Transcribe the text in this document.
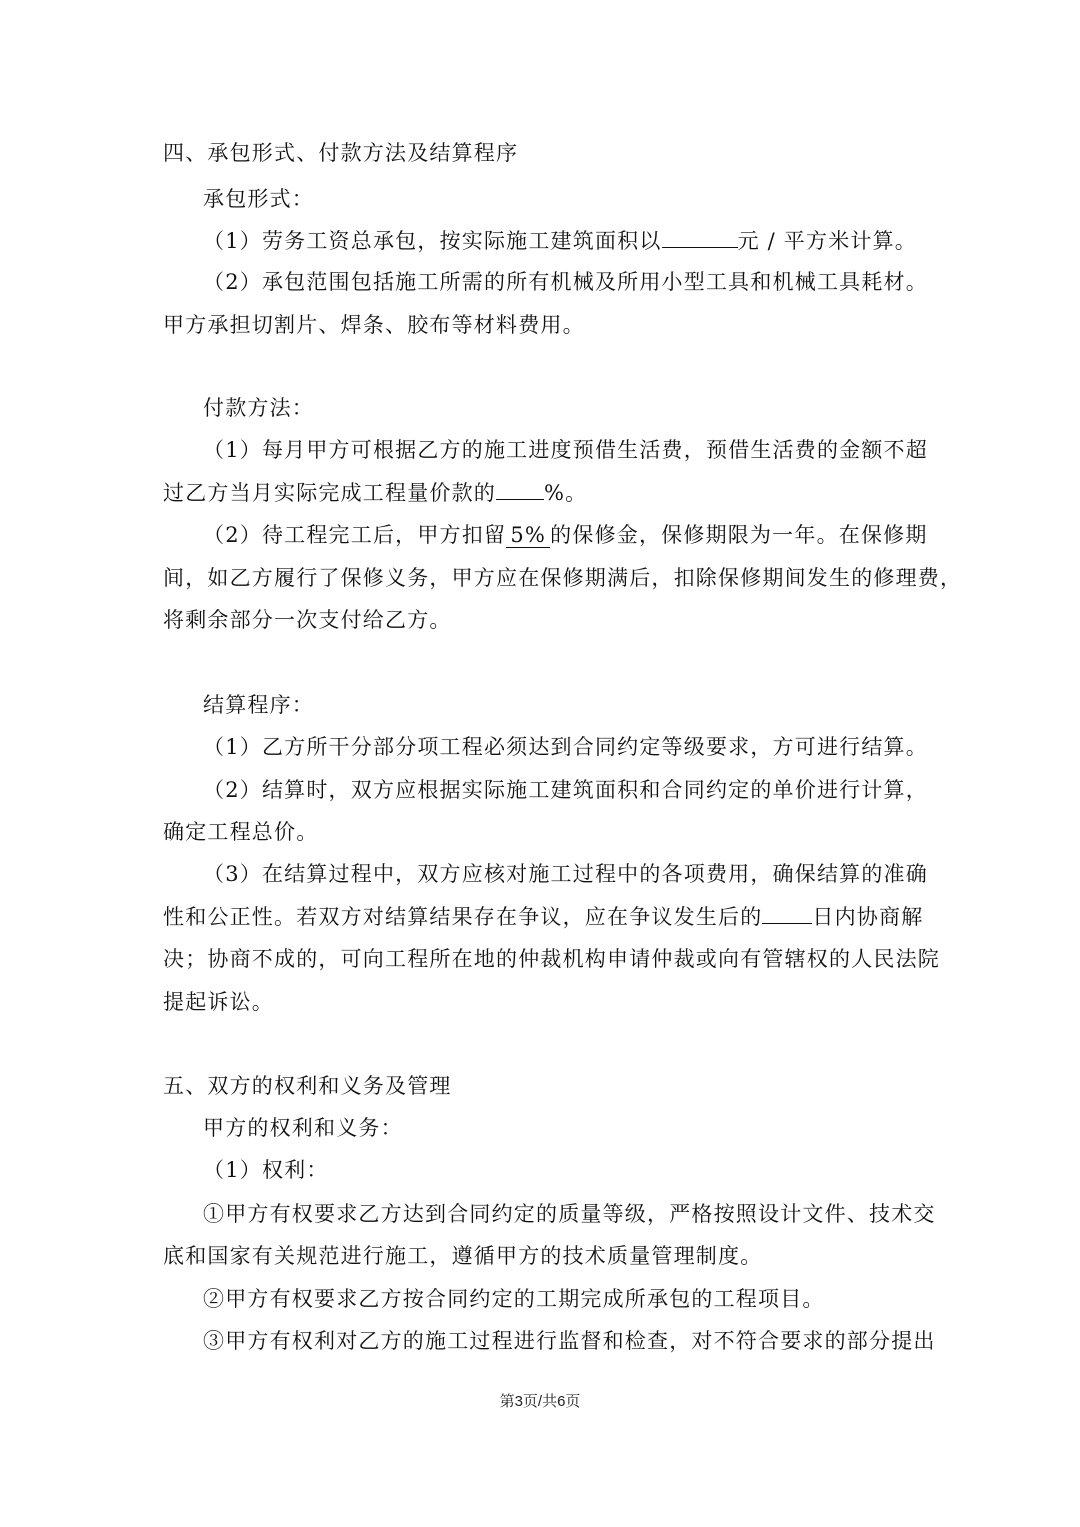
四、承包形式、付款方法及结算程序
承包形式：
（1）劳务工资总承包，按实际施工建筑面积以	元 / 平方米计算。
（2）承包范围包括施工所需的所有机械及所用小型工具和机械工具耗材。
甲方承担切割片、焊条、胶布等材料费用。
付款方法：
（1）每月甲方可根据乙方的施工进度预借生活费，预借生活费的金额不超
过乙方当月实际完成工程量价款的 %。
（2）待工程完工后，甲方扣留 5% 的保修金，保修期限为一年。在保修期
间，如乙方履行了保修义务，甲方应在保修期满后，扣除保修期间发生的修理费，
将剩余部分一次支付给乙方。
结算程序：
（1）乙方所干分部分项工程必须达到合同约定等级要求，方可进行结算。
（2）结算时，双方应根据实际施工建筑面积和合同约定的单价进行计算，
确定工程总价。
（3）在结算过程中，双方应核对施工过程中的各项费用，确保结算的准确
性和公正性。若双方对结算结果存在争议，应在争议发生后的 日内协商解
决；协商不成的，可向工程所在地的仲裁机构申请仲裁或向有管辖权的人民法院
提起诉讼。
五、双方的权利和义务及管理
甲方的权利和义务：
（1）权利：
①甲方有权要求乙方达到合同约定的质量等级，严格按照设计文件、技术交
底和国家有关规范进行施工，遵循甲方的技术质量管理制度。
②甲方有权要求乙方按合同约定的工期完成所承包的工程项目。
③甲方有权利对乙方的施工过程进行监督和检查，对不符合要求的部分提出
第3页/共6页
